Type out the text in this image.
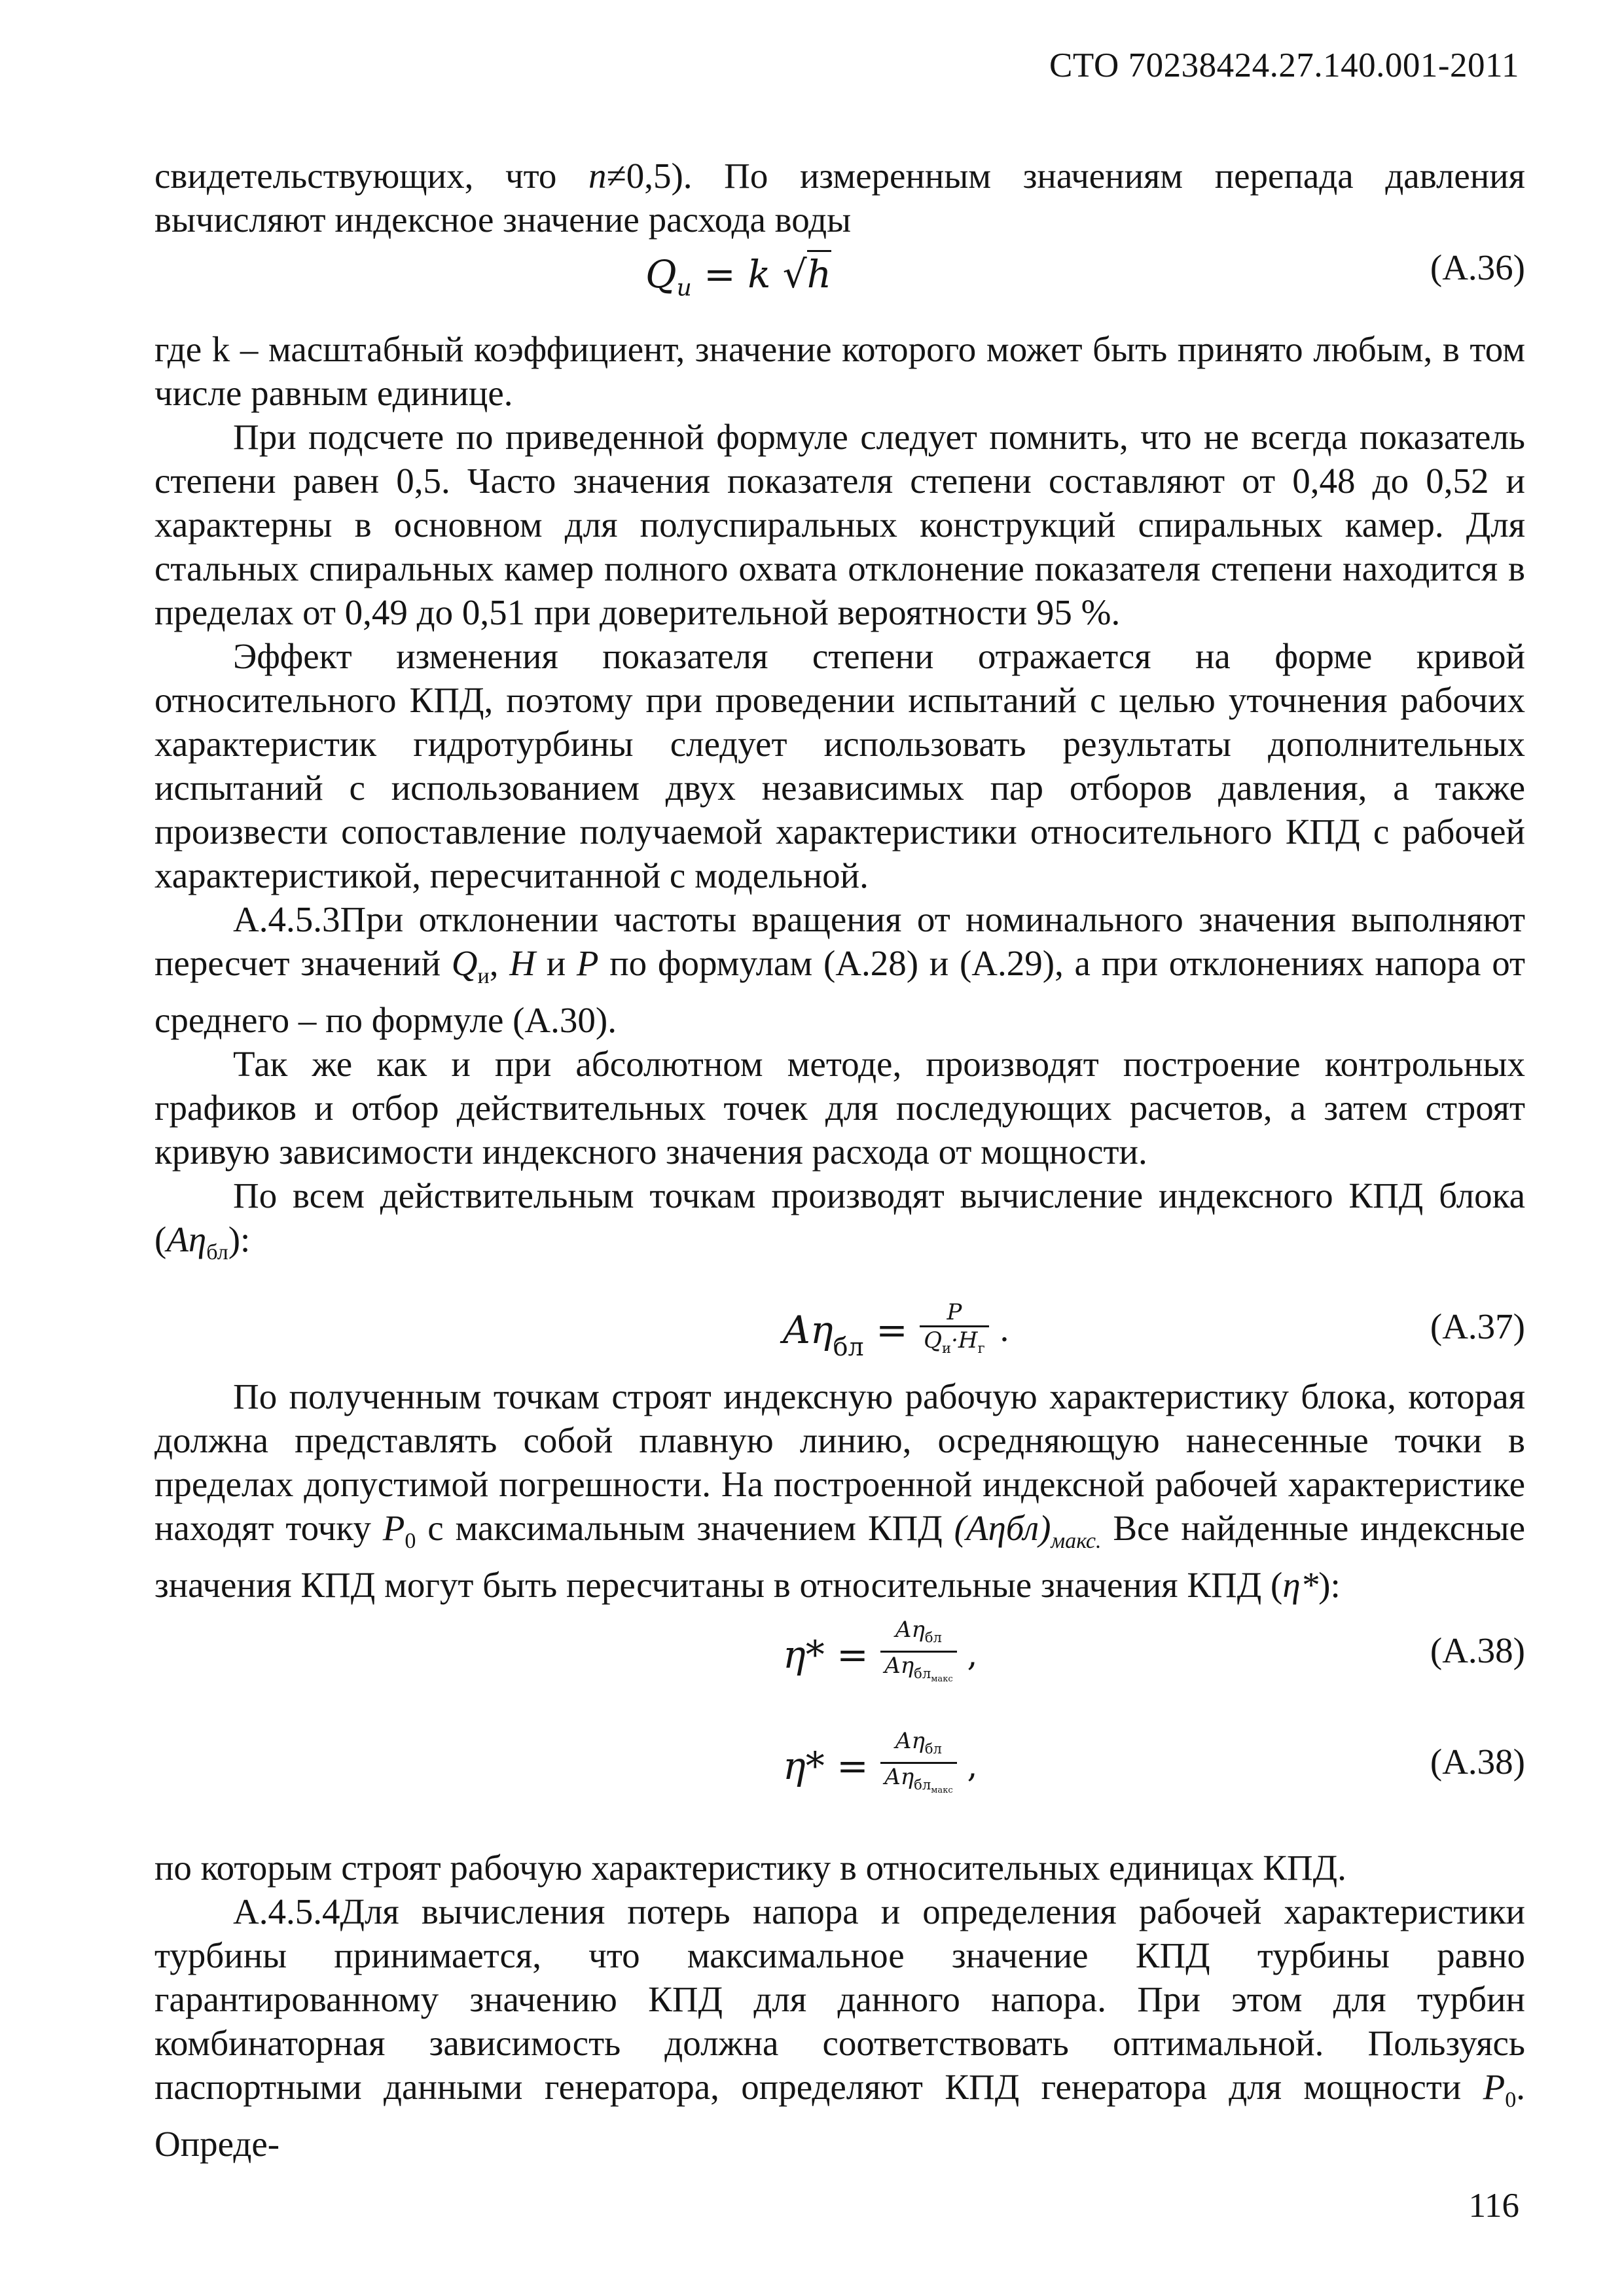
СТО 70238424.27.140.001-2011
свидетельствующих, что n≠0,5). По измеренным значениям перепада давления вычисляют индексное значение расхода воды
$Q_и = k$ √h	(А.36)
где k – масштабный коэффициент, значение которого может быть принято любым, в том числе равным единице.
При подсчете по приведенной формуле следует помнить, что не всегда показатель степени равен 0,5. Часто значения показателя степени составляют от 0,48 до 0,52 и характерны в основном для полуспиральных конструкций спиральных камер. Для стальных спиральных камер полного охвата отклонение показателя степени находится в пределах от 0,49 до 0,51 при доверительной вероятности 95 %.
Эффект изменения показателя степени отражается на форме кривой относительного КПД, поэтому при проведении испытаний с целью уточнения рабочих характеристик гидротурбины следует использовать результаты дополнительных испытаний с использованием двух независимых пар отборов давления, а также произвести сопоставление получаемой характеристики относительного КПД с рабочей характеристикой, пересчитанной с модельной.
А.4.5.3При отклонении частоты вращения от номинального значения выполняют пересчет значений $Q_и$, H и P по формулам (А.28) и (А.29), а при отклонениях напора от среднего – по формуле (А.30).
Так же как и при абсолютном методе, производят построение контрольных графиков и отбор действительных точек для последующих расчетов, а затем строят кривую зависимости индексного значения расхода от мощности.
По всем действительным точкам производят вычисление индексного КПД блока $(A\eta_{бл})$:
$A\eta_{бл} = \frac{P}{Q_и\cdot H_г}$ .	(А.37)
По полученным точкам строят индексную рабочую характеристику блока, которая должна представлять собой плавную линию, осредняющую нанесенные точки в пределах допустимой погрешности. На построенной индексной рабочей характеристике находят точку $P_0$ с максимальным значением КПД $(A\eta бл)_{макс.}$ Все найденные индексные значения КПД могут быть пересчитаны в относительные значения КПД (η*):
$\eta* = \frac{A\eta_{бл}}{A\eta_{бл_{макс}}}$ ,	(А.38)
$\eta* = \frac{A\eta_{бл}}{A\eta_{бл_{макс}}}$ ,	(А.38)
по которым строят рабочую характеристику в относительных единицах КПД.
А.4.5.4Для вычисления потерь напора и определения рабочей характеристики турбины принимается, что максимальное значение КПД турбины равно гарантированному значению КПД для данного напора. При этом для турбин комбинаторная зависимость должна соответствовать оптимальной. Пользуясь паспортными данными генератора, определяют КПД генератора для мощности $P_0$. Опреде-
116
